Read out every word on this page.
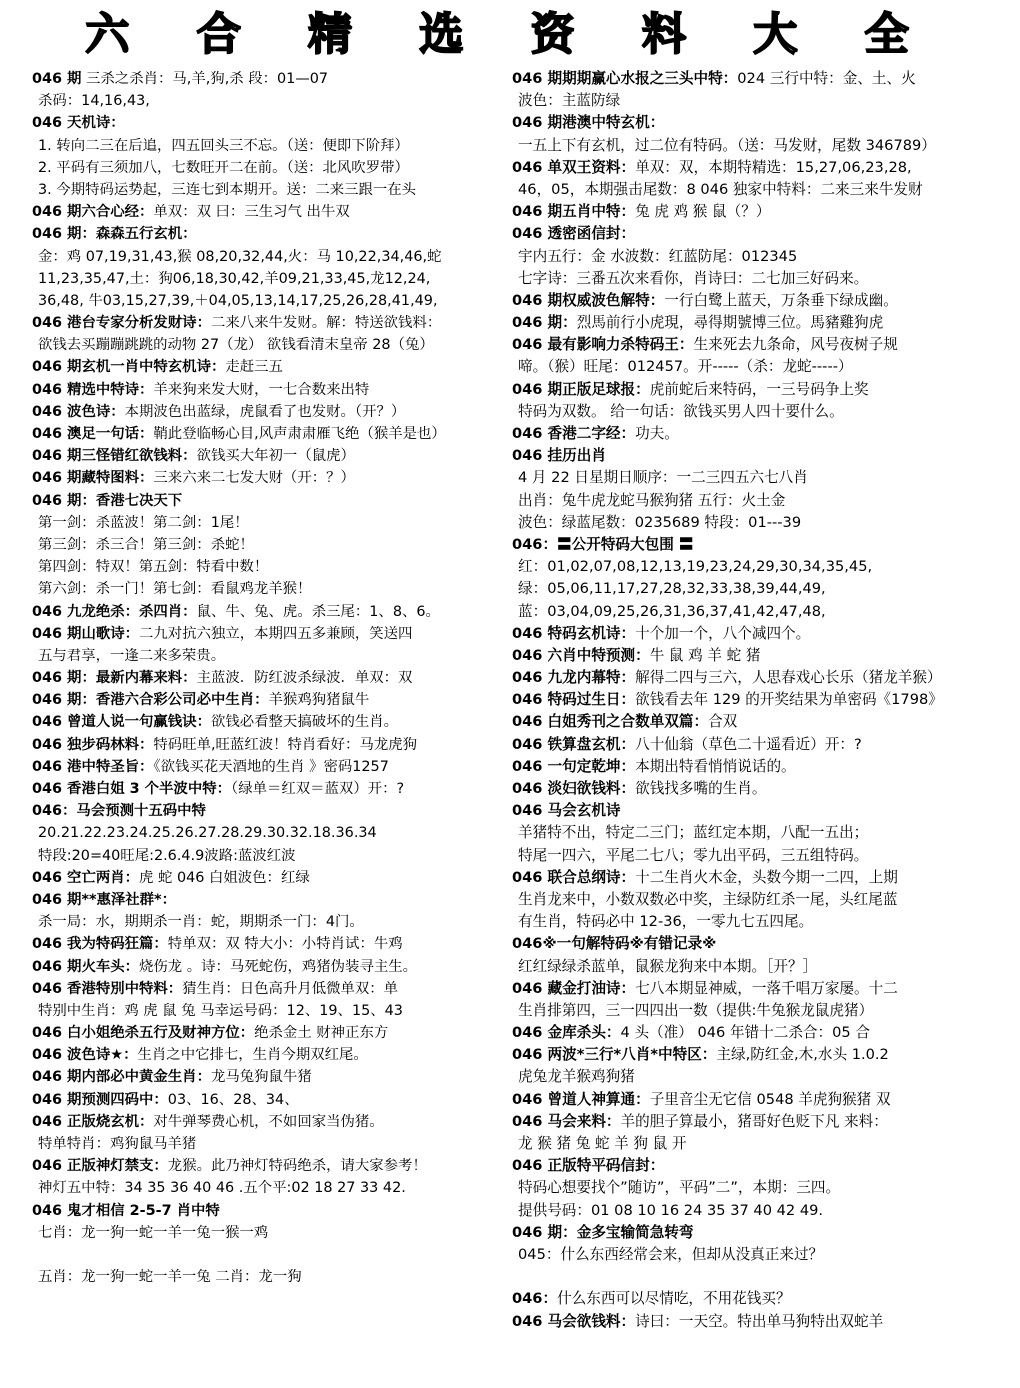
六 合 精 选 资 料 大 全
046 期 三杀之杀肖：马,羊,狗,杀 段：01—07
杀码：14,16,43,
046 天机诗：
1. 转向二三在后追，四五回头三不忘。（送：便即下阶拜）
2. 平码有三须加八，七数旺开二在前。（送：北风吹罗带）
3. 今期特码运势起，三连七到本期开。送：二来三跟一在头
046 期六合心经：单双：双 曰：三生习气 出牛双
046 期：森森五行玄机：
金：鸡 07,19,31,43,猴 08,20,32,44,火：马 10,22,34,46,蛇
11,23,35,47,土：狗06,18,30,42,羊09,21,33,45,龙12,24,
36,48, 牛03,15,27,39,＋04,05,13,14,17,25,26,28,41,49,
046 港台专家分析发财诗：二来八来牛发财。解：特送欲钱料：
欲钱去买蹦蹦跳跳的动物 27（龙） 欲钱看清末皇帝 28（兔）
046 期玄机一肖中特玄机诗：走赶三五
046 精选中特诗：羊来狗来发大财，一七合数来出特
046 波色诗：本期波色出蓝绿，虎鼠看了也发财。（开？）
046 澳足一句话：鞘此登临畅心目,风声肃肃雁飞绝（猴羊是也）
046 期三怪错红欲钱料：欲钱买大年初一（鼠虎）
046 期藏特图料：三来六来二七发大财（开：？）
046 期：香港七决天下
第一剑：杀蓝波！第二剑：1尾！
第三剑：杀三合！第三剑：杀蛇！
第四剑：特双！第五剑：特看中数！
第六剑：杀一门！第七剑：看鼠鸡龙羊猴！
046 九龙绝杀：杀四肖：鼠、牛、兔、虎。杀三尾：1、8、6。
046 期山歌诗：二九对抗六独立，本期四五多兼顾，笑送四
五与君享，一逢二来多荣贵。
046 期：最新内幕来料：主蓝波．防红波杀绿波．单双：双
046 期：香港六合彩公司必中生肖：羊猴鸡狗猪鼠牛
046 曾道人说一句赢钱诀：欲钱必看整天搞破坏的生肖。
046 独步码林料：特码旺单,旺蓝红波！特肖看好：马龙虎狗
046 港中特圣旨：《欲钱买花天酒地的生肖 》密码1257
046 香港白姐 3 个半波中特：（绿单＝红双＝蓝双）开：?
046：马会预测十五码中特
20.21.22.23.24.25.26.27.28.29.30.32.18.36.34
特段:20=40旺尾:2.6.4.9波路:蓝波红波
046 空亡两肖：虎 蛇 046 白姐波色：红绿
046 期**惠泽社群*：
杀一局：水，期期杀一肖：蛇，期期杀一门：4门。
046 我为特码狂篇：特单双：双 特大小：小特肖试：牛鸡
046 期火车头：烧伤龙 。诗：马死蛇伤，鸡猪伪装寻主生。
046 香港特別中特料：猜生肖：日色高升月低微单双：单
特别中生肖：鸡 虎 鼠 兔 马幸运号码：12、19、15、43
046 白小姐绝杀五行及财神方位：绝杀金土 财神正东方
046 波色诗★：生肖之中它排七，生肖今期双红尾。
046 期内部必中黄金生肖：龙马兔狗鼠牛猪
046 期预测四码中：03、16、28、34、
046 正版烧玄机：对牛弹琴费心机，不如回家当伪猪。
特单特肖：鸡狗鼠马羊猪
046 正版神灯禁支：龙猴。此乃神灯特码绝杀，请大家参考！
神灯五中特：34 35 36 40 46 .五个平:02 18 27 33 42.
046 鬼才相信 2-5-7 肖中特
七肖：龙一狗一蛇一羊一兔一猴一鸡
五肖：龙一狗一蛇一羊一兔 二肖：龙一狗
046 期期期赢心水报之三头中特：024 三行中特：金、土、火
波色：主蓝防绿
046 期港澳中特玄机：
一五上下有玄机，过二位有特码。（送：马发财，尾数 346789）
046 单双王资料：单双：双，本期特精选：15,27,06,23,28,
46，05，本期强击尾数：8 046 独家中特料：二来三来牛发财
046 期五肖中特：兔 虎 鸡 猴 鼠（？）
046 透密函信封：
宇内五行：金 水波数：红蓝防尾：012345
七字诗：三番五次来看你，肖诗曰：二七加三好码来。
046 期权威波色解特：一行白鹭上蓝天，万条垂下绿成幽。
046 期：烈馬前行小虎現，尋得期號博三位。馬豬雞狗虎
046 最有影响力杀特码王：生来死去九条命，风号夜树子规
啼。（猴）旺尾：012457。开-----（杀：龙蛇-----）
046 期正版足球报：虎前蛇后来特码，一三号码争上奖
特码为双数。 给一句话：欲钱买男人四十要什么。
046 香港二字经：功夫。
046 挂历出肖
4 月 22 日星期日顺序：一二三四五六七八肖
出肖：兔牛虎龙蛇马猴狗猪 五行：火土金
波色：绿蓝尾数：0235689 特段：01---39
046：〓公开特码大包围 〓
红：01,02,07,08,12,13,19,23,24,29,30,34,35,45,
绿：05,06,11,17,27,28,32,33,38,39,44,49,
蓝：03,04,09,25,26,31,36,37,41,42,47,48,
046 特码玄机诗：十个加一个，八个减四个。
046 六肖中特预测：牛 鼠 鸡 羊 蛇 猪
046 九龙内幕特：解得二四与三六，人思春戏心长乐（猪龙羊猴）
046 特码过生日：欲钱看去年 129 的开奖结果为单密码《1798》
046 白姐秀刊之合数单双篇：合双
046 铁算盘玄机：八十仙翁（草色二十遥看近）开：?
046 一句定乾坤：本期出特看悄悄说话的。
046 淡妇欲钱料：欲钱找多嘴的生肖。
046 马会玄机诗
羊猪特不出，特定二三门；蓝红定本期，八配一五出；
特尾一四六，平尾二七八；零九出平码，三五组特码。
046 联合总纲诗：十二生肖火木金，头数今期一二四，上期
生肖龙来中，小数双数必中奖，主绿防红杀一尾，头红尾蓝
有生肖，特码必中 12-36，一零九七五四尾。
046※一句解特码※有错记录※
红红绿绿杀蓝单，鼠猴龙狗来中本期。［开？］
046 藏金打油诗：七八本期显神威，一落千唱万家屡。十二
生肖排第四，三一四四出一数（提供:牛兔猴龙鼠虎猪）
046 金库杀头：4 头（准） 046 年错十二杀合：05 合
046 两波*三行*八肖*中特区：主绿,防红金,木,水头 1.0.2
虎兔龙羊猴鸡狗猪
046 曾道人神算通：子里音尘无它信 0548 羊虎狗猴猪 双
046 马会来料：羊的胆子算最小，猪哥好色贬下凡 来料：
龙 猴 猪 兔 蛇 羊 狗 鼠 开
046 正版特平码信封：
特码心想要找个”随访”，平码”二”，本期：三四。
提供号码：01 08 10 16 24 35 37 40 42 49.
046 期：金多宝输简急转弯
045：什么东西经常会来，但却从没真正来过？
046：什么东西可以尽情吃，不用花钱买？
046 马会欲钱料：诗曰：一天空。特出单马狗特出双蛇羊
